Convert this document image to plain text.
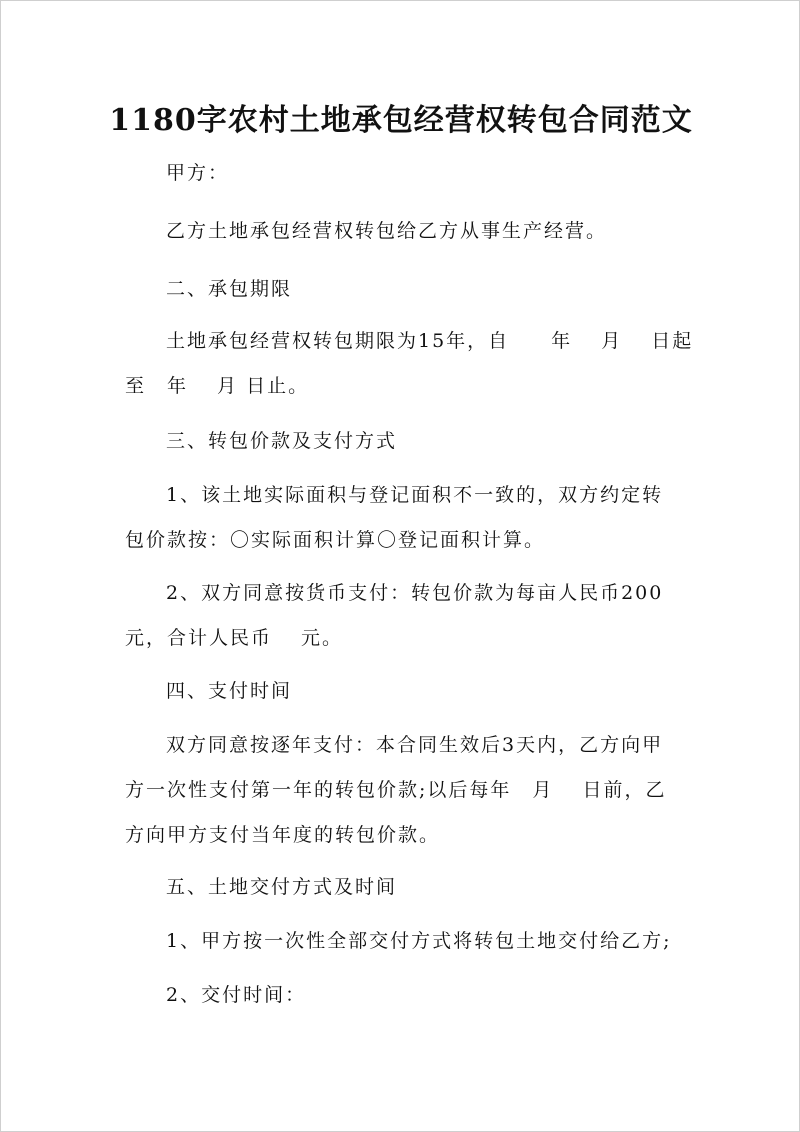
1180字农村土地承包经营权转包合同范文

甲方：

乙方土地承包经营权转包给乙方从事生产经营。

二、承包期限

土地承包经营权转包期限为15年，自　　年　 月　 日起
至　年　 月 日止。

三、转包价款及支付方式

1、该土地实际面积与登记面积不一致的，双方约定转
包价款按：〇实际面积计算〇登记面积计算。

2、双方同意按货币支付：转包价款为每亩人民币200
元，合计人民币　 元。

四、支付时间

双方同意按逐年支付：本合同生效后3天内，乙方向甲
方一次性支付第一年的转包价款;以后每年　月　 日前，乙
方向甲方支付当年度的转包价款。

五、土地交付方式及时间

1、甲方按一次性全部交付方式将转包土地交付给乙方;

2、交付时间：
